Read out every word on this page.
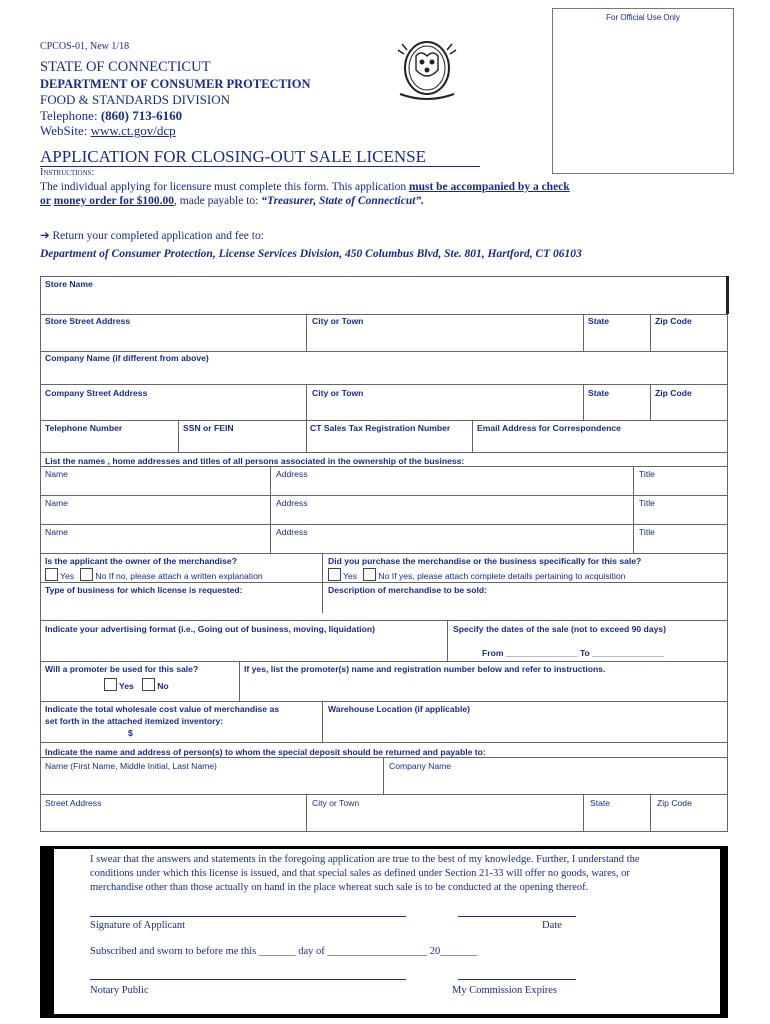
For Official Use Only
CPCOS-01, New 1/18
STATE OF CONNECTICUT
DEPARTMENT OF CONSUMER PROTECTION
FOOD & STANDARDS DIVISION
Telephone: (860) 713-6160
WebSite: www.ct.gov/dcp
APPLICATION FOR CLOSING-OUT SALE LICENSE
Instructions:
The individual applying for licensure must complete this form. This application must be accompanied by a check
or money order for $100.00, made payable to: “Treasurer, State of Connecticut”.
➔ Return your completed application and fee to:
Department of Consumer Protection, License Services Division, 450 Columbus Blvd, Ste. 801, Hartford, CT 06103
Store Name
Store Street Address	City or Town	State	Zip Code
Company Name (if different from above)
Company Street Address	City or Town	State	Zip Code
Telephone Number	SSN or FEIN	CT Sales Tax Registration Number	Email Address for Correspondence
List the names , home addresses and titles of all persons associated in the ownership of the business:
Name	Address	Title
Name	Address	Title
Name	Address	Title
Is the applicant the owner of the merchandise?
Yes No If no, please attach a written explanation
Did you purchase the merchandise or the business specifically for this sale?
Yes No If yes, please attach complete details pertaining to acquisition
Type of business for which license is requested:	Description of merchandise to be sold:
Indicate your advertising format (i.e., Going out of business, moving, liquidation)	Specify the dates of the sale (not to exceed 90 days)
From _______________ To _______________
Will a promoter be used for this sale?
Yes	No
If yes, list the promoter(s) name and registration number below and refer to instructions.
Indicate the total wholesale cost value of merchandise as
set forth in the attached itemized inventory:
$
Warehouse Location (if applicable)
Indicate the name and address of person(s) to whom the special deposit should be returned and payable to:
Name (First Name, Middle Initial, Last Name)	Company Name
Street Address	City or Town	State	Zip Code
I swear that the answers and statements in the foregoing application are true to the best of my knowledge. Further, I understand the
conditions under which this license is issued, and that special sales as defined under Section 21-33 will offer no goods, wares, or
merchandise other than those actually on hand in the place whereat such sale is to be conducted at the opening thereof.
Signature of Applicant	Date
Subscribed and sworn to before me this _______ day of ___________________ 20_______
Notary Public	My Commission Expires
